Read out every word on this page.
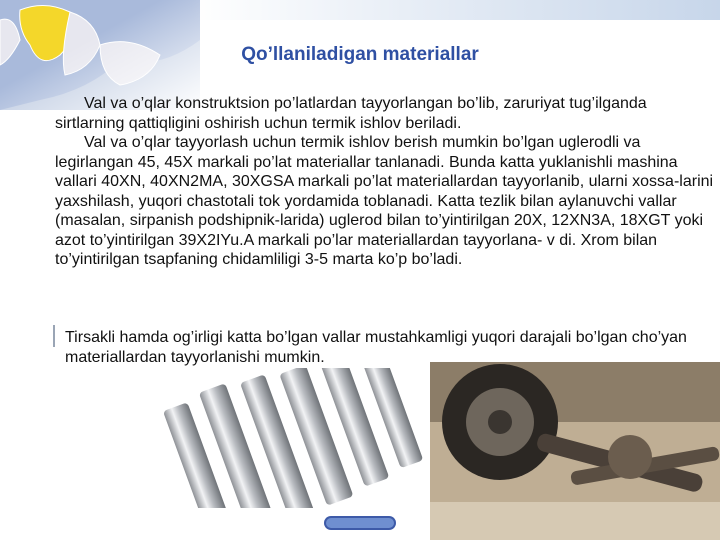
Qo’llaniladigan materiallar

Val va o’qlar konstruktsion po’latlardan tayyorlangan bo’lib, zaruriyat tug’ilganda sirtlarning qattiqligini oshirish uchun termik ishlov beriladi.

Val va o’qlar tayyorlash uchun termik ishlov berish mumkin bo’lgan uglerodli va legirlangan 45, 45X markali po’lat materiallar tanlanadi. Bunda katta yuklanishli mashina vallari 40XN, 40XN2MA, 30XGSA markali po’lat materiallardan tayyorlanib, ularni xossa-larini yaxshilash, yuqori chastotali tok yordamida toblanadi. Katta tezlik bilan aylanuvchi vallar (masalan, sirpanish podshipnik-larida) uglerod bilan to’yintirilgan 20X, 12XN3A, 18XGT yoki azot to’yintirilgan 39X2IYu.A markali po’lar materiallardan tayyorlana- v di. Xrom bilan to’yintirilgan tsapfaning chidamliligi 3-5 marta ko’p bo’ladi.

Tirsakli hamda og’irligi katta bo’lgan vallar mustahkamligi yuqori darajali bo’lgan cho’yan materiallardan tayyorlanishi mumkin.
